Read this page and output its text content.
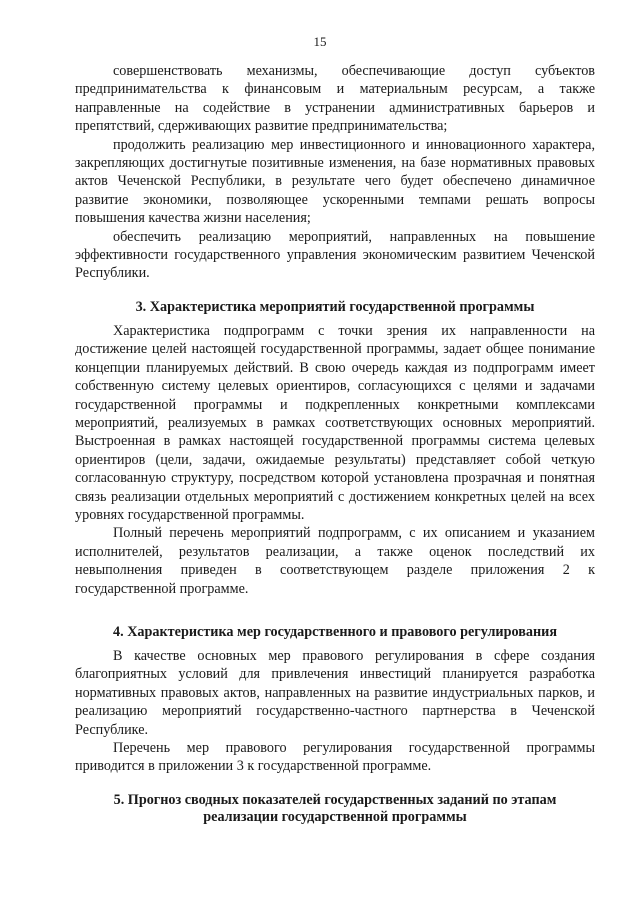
15

совершенствовать механизмы, обеспечивающие доступ субъектов предпринимательства к финансовым и материальным ресурсам, а также направленные на содействие в устранении административных барьеров и препятствий, сдерживающих развитие предпринимательства;

продолжить реализацию мер инвестиционного и инновационного характера, закрепляющих достигнутые позитивные изменения, на базе нормативных правовых актов Чеченской Республики, в результате чего будет обеспечено динамичное развитие экономики, позволяющее ускоренными темпами решать вопросы повышения качества жизни населения;

обеспечить реализацию мероприятий, направленных на повышение эффективности государственного управления экономическим развитием Чеченской Республики.

3. Характеристика мероприятий государственной программы

Характеристика подпрограмм с точки зрения их направленности на достижение целей настоящей государственной программы, задает общее понимание концепции планируемых действий. В свою очередь каждая из подпрограмм имеет собственную систему целевых ориентиров, согласующихся с целями и задачами государственной программы и подкрепленных конкретными комплексами мероприятий, реализуемых в рамках соответствующих основных мероприятий. Выстроенная в рамках настоящей государственной программы система целевых ориентиров (цели, задачи, ожидаемые результаты) представляет собой четкую согласованную структуру, посредством которой установлена прозрачная и понятная связь реализации отдельных мероприятий с достижением конкретных целей на всех уровнях государственной программы.

Полный перечень мероприятий подпрограмм, с их описанием и указанием исполнителей, результатов реализации, а также оценок последствий их невыполнения приведен в соответствующем разделе приложения 2 к государственной программе.

4. Характеристика мер государственного и правового регулирования

В качестве основных мер правового регулирования в сфере создания благоприятных условий для привлечения инвестиций планируется разработка нормативных правовых актов, направленных на развитие индустриальных парков, и реализацию мероприятий государственно-частного партнерства в Чеченской Республике.

Перечень мер правового регулирования государственной программы приводится в приложении 3 к государственной программе.

5. Прогноз сводных показателей государственных заданий по этапам
реализации государственной программы
